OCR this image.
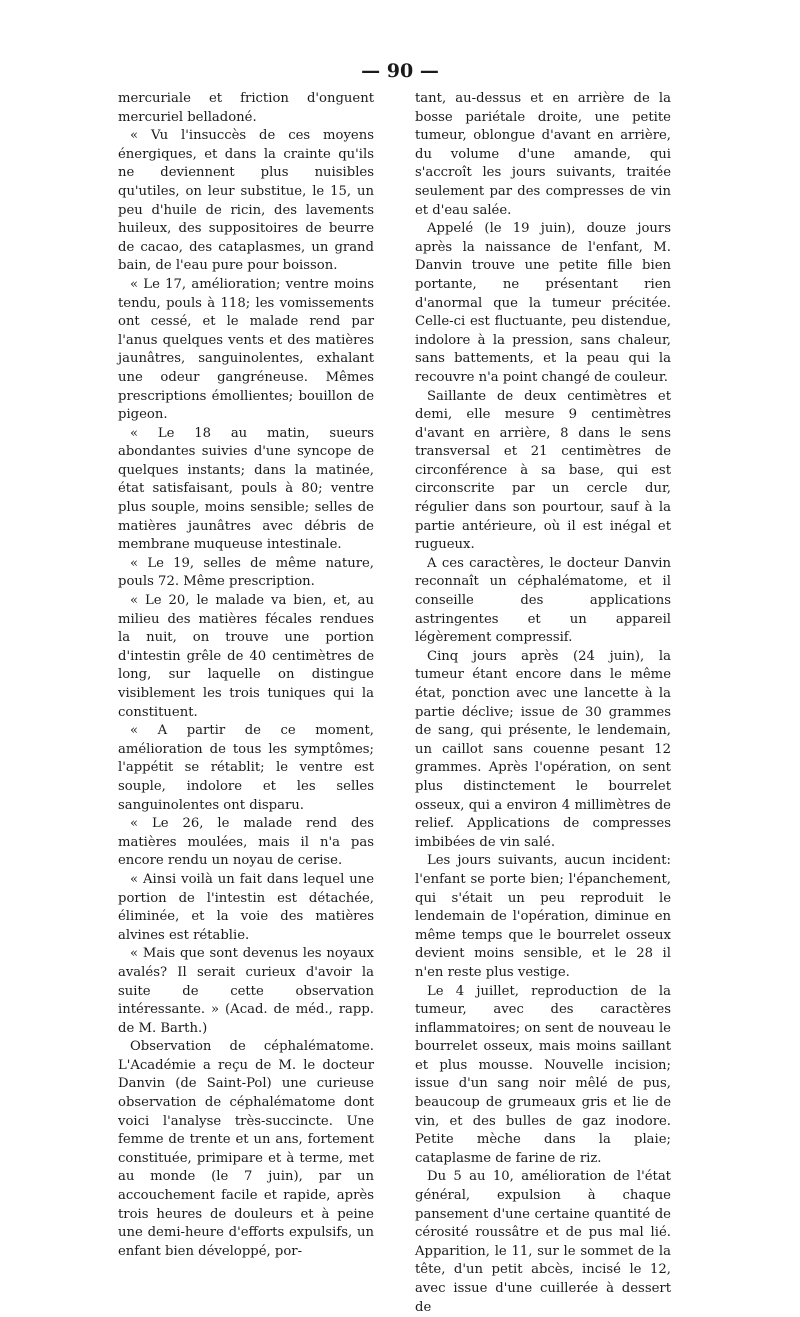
— 90 —

mercuriale et friction d'onguent mercuriel belladoné.

« Vu l'insuccès de ces moyens énergiques, et dans la crainte qu'ils ne deviennent plus nuisibles qu'utiles, on leur substitue, le 15, un peu d'huile de ricin, des lavements huileux, des suppositoires de beurre de cacao, des cataplasmes, un grand bain, de l'eau pure pour boisson.

« Le 17, amélioration; ventre moins tendu, pouls à 118; les vomissements ont cessé, et le malade rend par l'anus quelques vents et des matières jaunâtres, sanguinolentes, exhalant une odeur gangréneuse. Mêmes prescriptions émollientes; bouillon de pigeon.

« Le 18 au matin, sueurs abondantes suivies d'une syncope de quelques instants; dans la matinée, état satisfaisant, pouls à 80; ventre plus souple, moins sensible; selles de matières jaunâtres avec débris de membrane muqueuse intestinale.

« Le 19, selles de même nature, pouls 72. Même prescription.

« Le 20, le malade va bien, et, au milieu des matières fécales rendues la nuit, on trouve une portion d'intestin grêle de 40 centimètres de long, sur laquelle on distingue visiblement les trois tuniques qui la constituent.

« A partir de ce moment, amélioration de tous les symptômes; l'appétit se rétablit; le ventre est souple, indolore et les selles sanguinolentes ont disparu.

« Le 26, le malade rend des matières moulées, mais il n'a pas encore rendu un noyau de cerise.

« Ainsi voilà un fait dans lequel une portion de l'intestin est détachée, éliminée, et la voie des matières alvines est rétablie.

« Mais que sont devenus les noyaux avalés? Il serait curieux d'avoir la suite de cette observation intéressante. » (Acad. de méd., rapp. de M. Barth.)

Observation de céphalématome. L'Académie a reçu de M. le docteur Danvin (de Saint-Pol) une curieuse observation de céphalématome dont voici l'analyse très-succincte. Une femme de trente et un ans, fortement constituée, primipare et à terme, met au monde (le 7 juin), par un accouchement facile et rapide, après trois heures de douleurs et à peine une demi-heure d'efforts expulsifs, un enfant bien développé, por-

tant, au-dessus et en arrière de la bosse pariétale droite, une petite tumeur, oblongue d'avant en arrière, du volume d'une amande, qui s'accroît les jours suivants, traitée seulement par des compresses de vin et d'eau salée.

Appelé (le 19 juin), douze jours après la naissance de l'enfant, M. Danvin trouve une petite fille bien portante, ne présentant rien d'anormal que la tumeur précitée. Celle-ci est fluctuante, peu distendue, indolore à la pression, sans chaleur, sans battements, et la peau qui la recouvre n'a point changé de couleur.

Saillante de deux centimètres et demi, elle mesure 9 centimètres d'avant en arrière, 8 dans le sens transversal et 21 centimètres de circonférence à sa base, qui est circonscrite par un cercle dur, régulier dans son pourtour, sauf à la partie antérieure, où il est inégal et rugueux.

A ces caractères, le docteur Danvin reconnaît un céphalématome, et il conseille des applications astringentes et un appareil légèrement compressif.

Cinq jours après (24 juin), la tumeur étant encore dans le même état, ponction avec une lancette à la partie déclive; issue de 30 grammes de sang, qui présente, le lendemain, un caillot sans couenne pesant 12 grammes. Après l'opération, on sent plus distinctement le bourrelet osseux, qui a environ 4 millimètres de relief. Applications de compresses imbibées de vin salé.

Les jours suivants, aucun incident: l'enfant se porte bien; l'épanchement, qui s'était un peu reproduit le lendemain de l'opération, diminue en même temps que le bourrelet osseux devient moins sensible, et le 28 il n'en reste plus vestige.

Le 4 juillet, reproduction de la tumeur, avec des caractères inflammatoires; on sent de nouveau le bourrelet osseux, mais moins saillant et plus mousse. Nouvelle incision; issue d'un sang noir mêlé de pus, beaucoup de grumeaux gris et lie de vin, et des bulles de gaz inodore. Petite mèche dans la plaie; cataplasme de farine de riz.

Du 5 au 10, amélioration de l'état général, expulsion à chaque pansement d'une certaine quantité de cérosité roussâtre et de pus mal lié. Apparition, le 11, sur le sommet de la tête, d'un petit abcès, incisé le 12, avec issue d'une cuillerée à dessert de
